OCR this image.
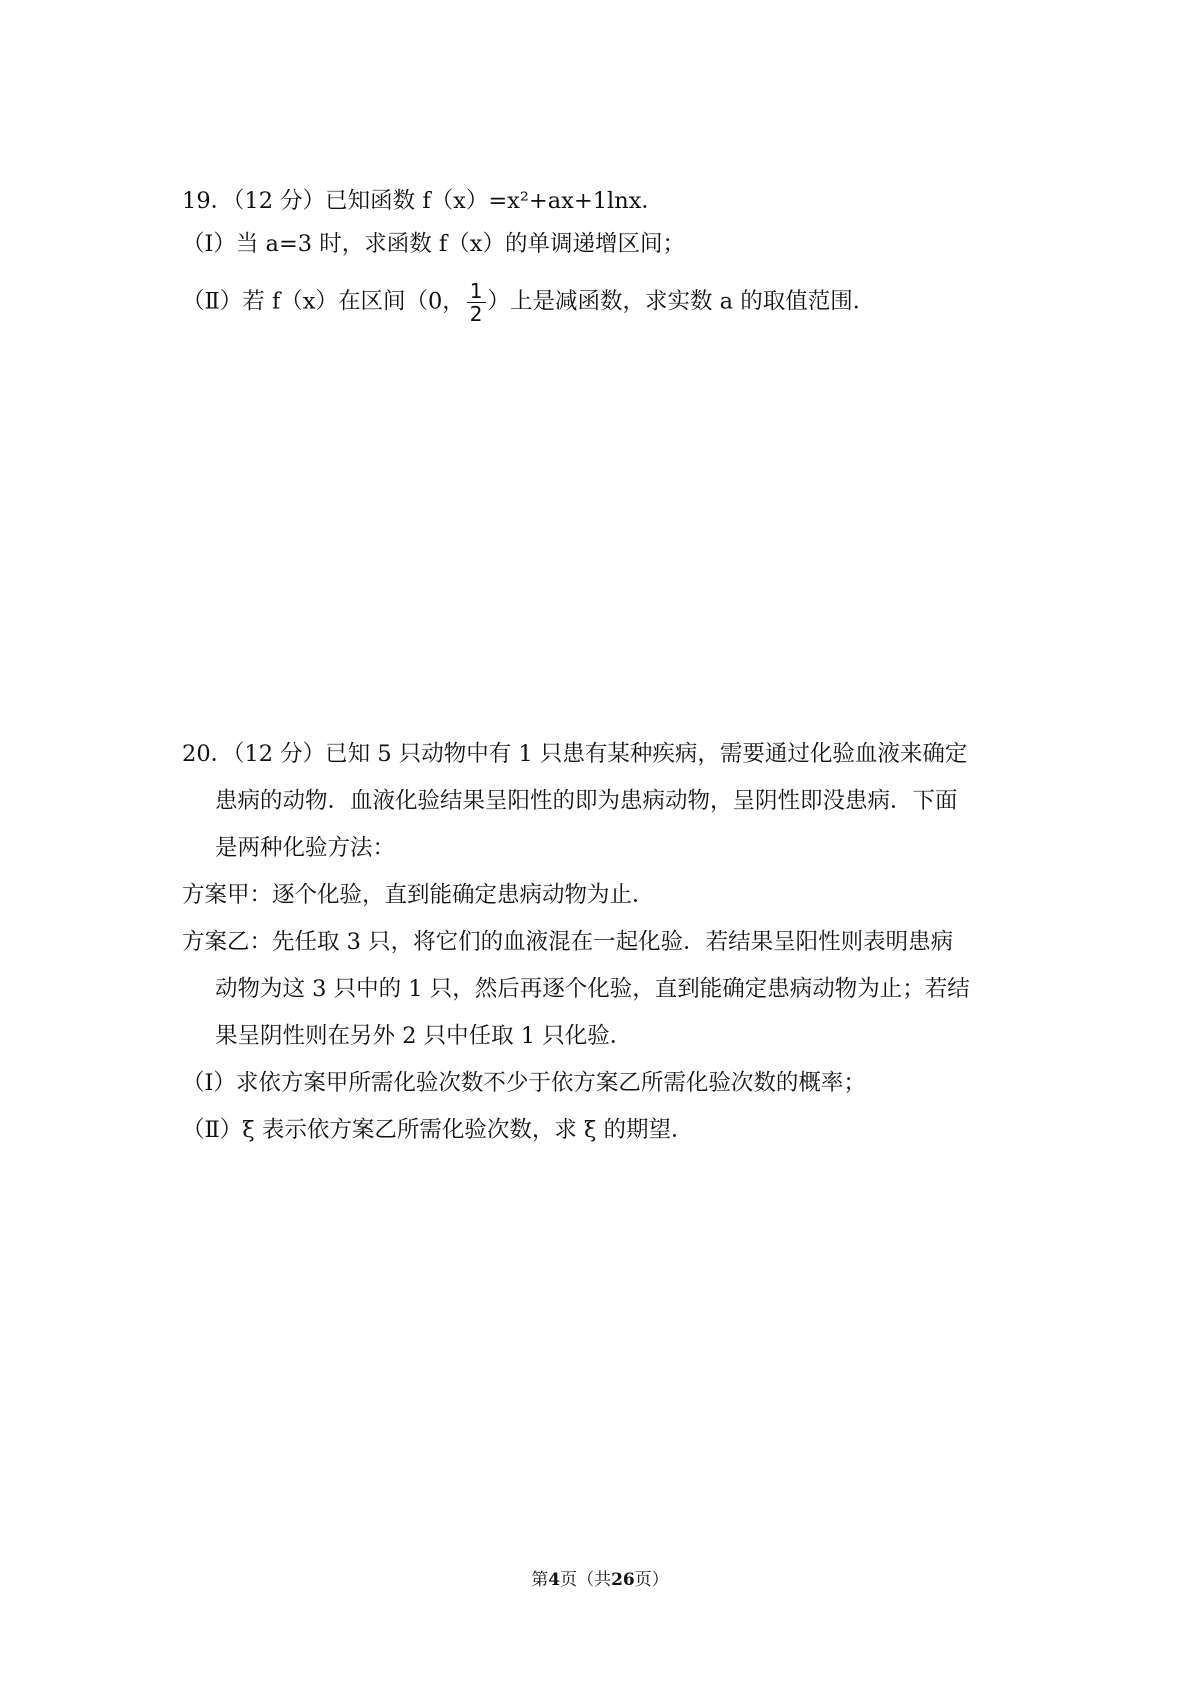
19．（12 分）已知函数 f（x）=x²+ax+1lnx．
（Ⅰ）当 a=3 时，求函数 f（x）的单调递增区间；
（Ⅱ）若 f（x）在区间（0， $\frac{1}{2}$ ）上是减函数，求实数 a 的取值范围．
20．（12 分）已知 5 只动物中有 1 只患有某种疾病，需要通过化验血液来确定
患病的动物．血液化验结果呈阳性的即为患病动物，呈阴性即没患病．下面
是两种化验方法：
方案甲：逐个化验，直到能确定患病动物为止．
方案乙：先任取 3 只，将它们的血液混在一起化验．若结果呈阳性则表明患病
动物为这 3 只中的 1 只，然后再逐个化验，直到能确定患病动物为止；若结
果呈阴性则在另外 2 只中任取 1 只化验．
（Ⅰ）求依方案甲所需化验次数不少于依方案乙所需化验次数的概率；
（Ⅱ）ξ 表示依方案乙所需化验次数，求 ξ 的期望．
第4页（共26页）
